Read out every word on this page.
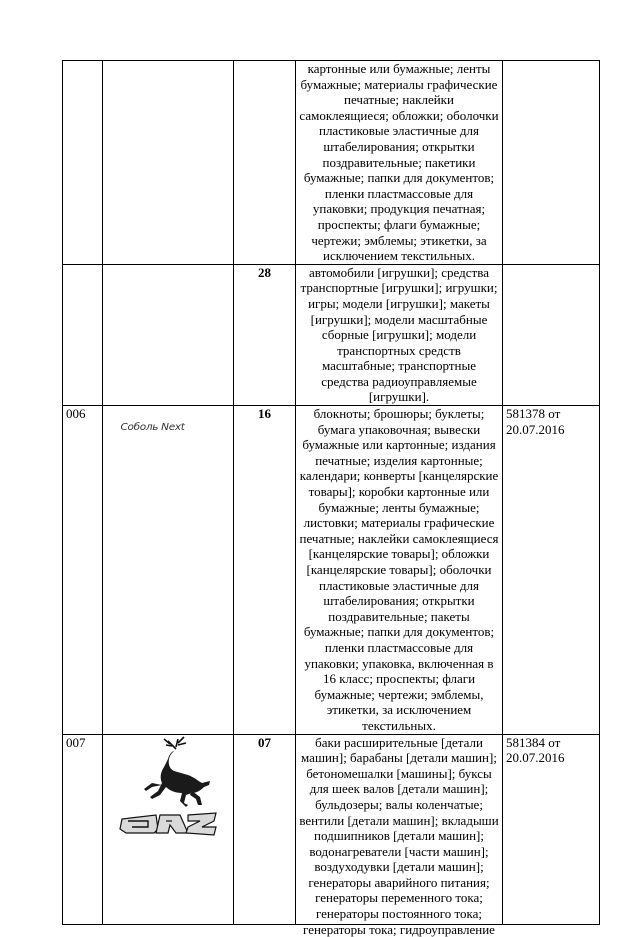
			картонные или бумажные; ленты бумажные; материалы графические печатные; наклейки самоклеящиеся; обложки; оболочки пластиковые эластичные для штабелирования; открытки поздравительные; пакетики бумажные; папки для документов; пленки пластмассовые для упаковки; продукция печатная; проспекты; флаги бумажные; чертежи; эмблемы; этикетки, за исключением текстильных.	
		28	автомобили [игрушки]; средства транспортные [игрушки]; игрушки; игры; модели [игрушки]; макеты [игрушки]; модели масштабные сборные [игрушки]; модели транспортных средств масштабные; транспортные средства радиоуправляемые [игрушки].	
006	Соболь Next	16	блокноты; брошюры; буклеты; бумага упаковочная; вывески бумажные или картонные; издания печатные; изделия картонные; календари; конверты [канцелярские товары]; коробки картонные или бумажные; ленты бумажные; листовки; материалы графические печатные; наклейки самоклеящиеся [канцелярские товары]; обложки [канцелярские товары]; оболочки пластиковые эластичные для штабелирования; открытки поздравительные; пакеты бумажные; папки для документов; пленки пластмассовые для упаковки; упаковка, включенная в 16 класс; проспекты; флаги бумажные; чертежи; эмблемы, этикетки, за исключением текстильных.	581378 от
20.07.2016

007		07	баки расширительные [детали машин]; барабаны [детали машин]; бетономешалки [машины]; буксы для шеек валов [детали машин]; бульдозеры; валы коленчатые; вентили [детали машин]; вкладыши подшипников [детали машин]; водонагреватели [части машин]; воздуходувки [детали машин]; генераторы аварийного питания; генераторы переменного тока; генераторы постоянного тока; генераторы тока; гидроуправление	581384 от
20.07.2016
